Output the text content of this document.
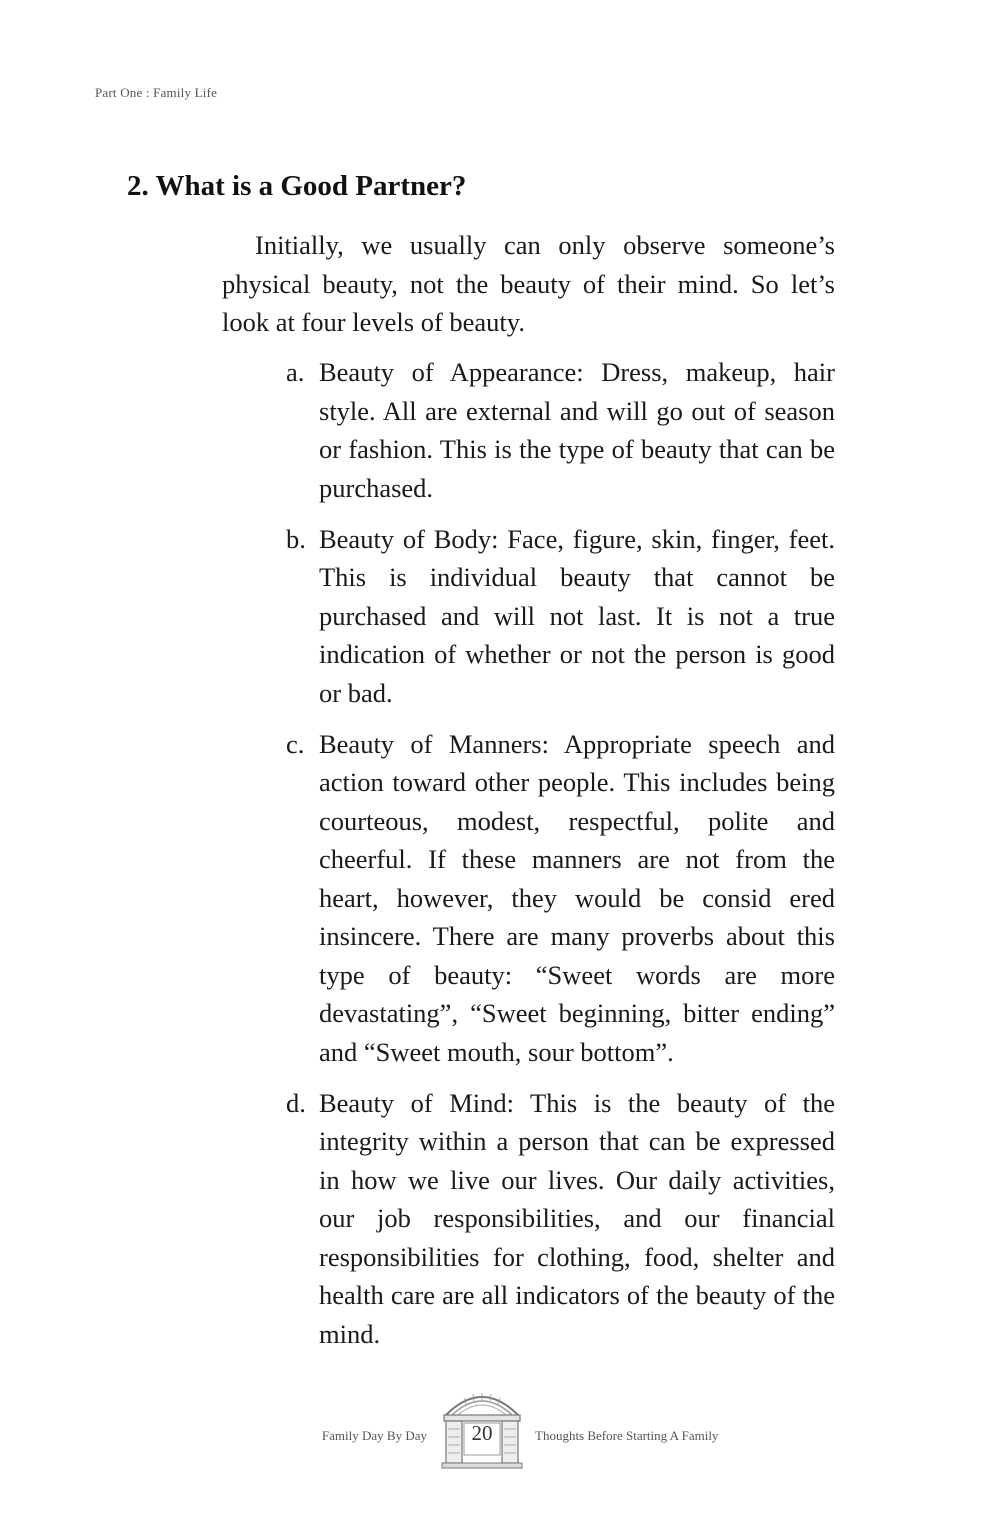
Part One : Family Life
2. What is a Good Partner?

Initially, we usually can only observe someone’s physical beauty, not the beauty of their mind. So let’s look at four levels of beauty.

a. Beauty of Appearance: Dress, makeup, hair style. All are external and will go out of season or fashion. This is the type of beauty that can be purchased.
b. Beauty of Body: Face, figure, skin, finger, feet. This is individual beauty that cannot be purchased and will not last. It is not a true indication of whether or not the person is good or bad.
c. Beauty of Manners: Appropriate speech and action toward other people. This includes being courteous, modest, respectful, polite and cheerful. If these manners are not from the heart, however, they would be consid ered insincere. There are many proverbs about this type of beauty: “Sweet words are more devastating”, “Sweet beginning, bitter ending” and “Sweet mouth, sour bottom”.
d. Beauty of Mind: This is the beauty of the integrity within a person that can be expressed in how we live our lives. Our daily activities, our job responsibilities, and our financial responsibilities for clothing, food, shelter and health care are all indicators of the beauty of the mind.
Family Day By Day	20	Thoughts Before Starting A Family
